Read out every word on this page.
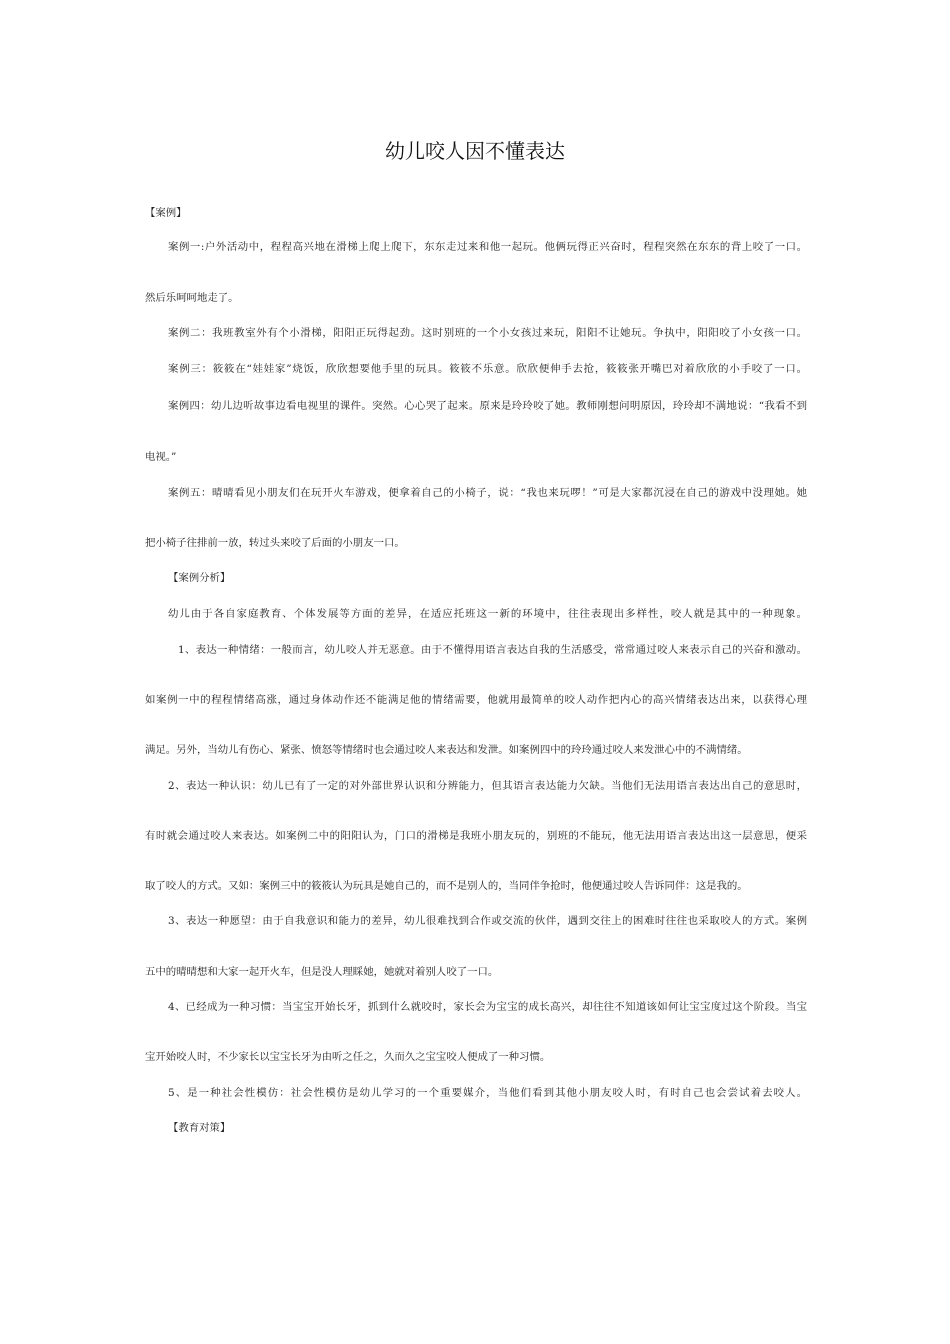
幼儿咬人因不懂表达
【案例】
案例一:户外活动中，程程高兴地在滑梯上爬上爬下，东东走过来和他一起玩。他俩玩得正兴奋时，程程突然在东东的背上咬了一口。
然后乐呵呵地走了。
案例二：我班教室外有个小滑梯，阳阳正玩得起劲。这时别班的一个小女孩过来玩，阳阳不让她玩。争执中，阳阳咬了小女孩一口。
案例三：筱筱在“娃娃家”烧饭，欣欣想要他手里的玩具。筱筱不乐意。欣欣便伸手去抢，筱筱张开嘴巴对着欣欣的小手咬了一口。
案例四：幼儿边听故事边看电视里的课件。突然。心心哭了起来。原来是玲玲咬了她。教师刚想问明原因，玲玲却不满地说：“我看不到
电视。”
案例五：晴晴看见小朋友们在玩开火车游戏，便拿着自己的小椅子，说：“我也来玩啰！”可是大家都沉浸在自己的游戏中没理她。她
把小椅子往排前一放，转过头来咬了后面的小朋友一口。
【案例分析】
幼儿由于各自家庭教育、个体发展等方面的差异，在适应托班这一新的环境中，往往表现出多样性，咬人就是其中的一种现象。
1、表达一种情绪：一般而言，幼儿咬人并无恶意。由于不懂得用语言表达自我的生活感受，常常通过咬人来表示自己的兴奋和激动。
如案例一中的程程情绪高涨，通过身体动作还不能满足他的情绪需要，他就用最简单的咬人动作把内心的高兴情绪表达出来，以获得心理
满足。另外，当幼儿有伤心、紧张、愤怒等情绪时也会通过咬人来表达和发泄。如案例四中的玲玲通过咬人来发泄心中的不满情绪。
2、表达一种认识：幼儿已有了一定的对外部世界认识和分辨能力，但其语言表达能力欠缺。当他们无法用语言表达出自己的意思时，
有时就会通过咬人来表达。如案例二中的阳阳认为，门口的滑梯是我班小朋友玩的，别班的不能玩，他无法用语言表达出这一层意思，便采
取了咬人的方式。又如：案例三中的筱筱认为玩具是她自己的，而不是别人的，当同伴争抢时，他便通过咬人告诉同伴：这是我的。
3、表达一种愿望：由于自我意识和能力的差异，幼儿很难找到合作或交流的伙伴，遇到交往上的困难时往往也采取咬人的方式。案例
五中的晴晴想和大家一起开火车，但是没人理睬她，她就对着别人咬了一口。
4、已经成为一种习惯：当宝宝开始长牙，抓到什么就咬时，家长会为宝宝的成长高兴，却往往不知道该如何让宝宝度过这个阶段。当宝
宝开始咬人时，不少家长以宝宝长牙为由听之任之，久而久之宝宝咬人便成了一种习惯。
5、是一种社会性模仿：社会性模仿是幼儿学习的一个重要媒介，当他们看到其他小朋友咬人时，有时自己也会尝试着去咬人。
【教育对策】
